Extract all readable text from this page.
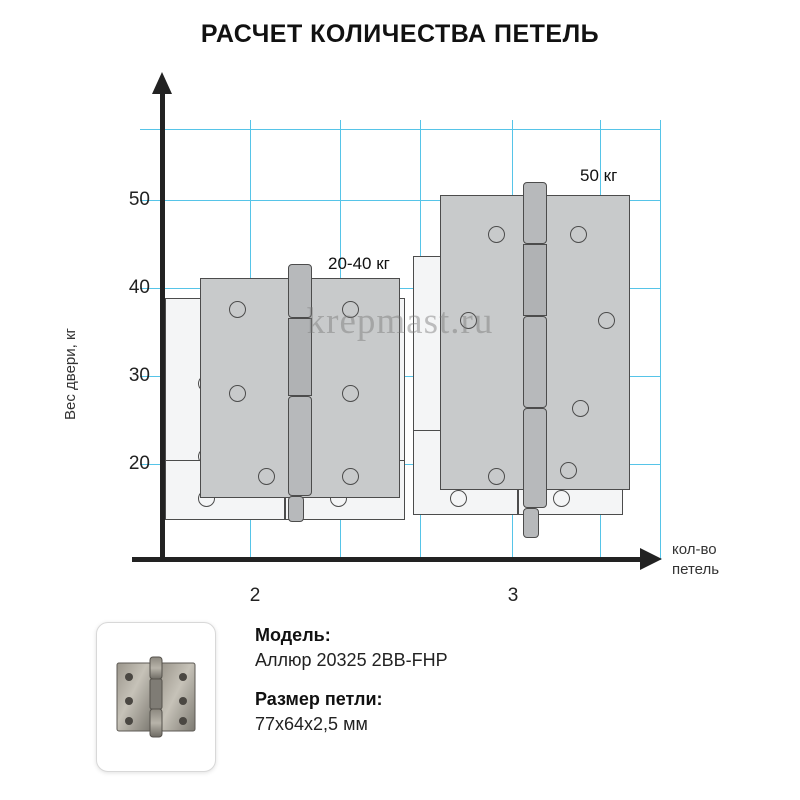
РАСЧЕТ КОЛИЧЕСТВА ПЕТЕЛЬ
50
40
30
20
Вес двери, кг
кол-во
петель
2	3
20-40 кг
50 кг
krepmast.ru
Модель:
Аллюр 20325 2BB-FHP
Размер петли:
77х64х2,5 мм
